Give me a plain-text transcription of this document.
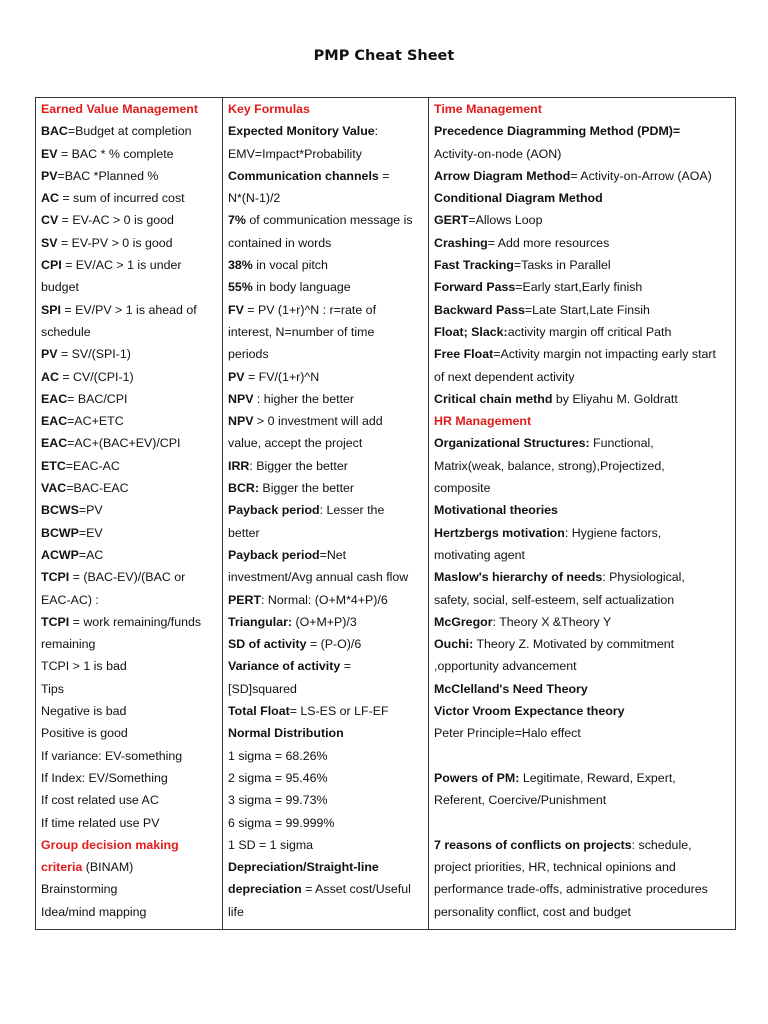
PMP Cheat Sheet
Earned Value Management
BAC=Budget at completion
EV = BAC * % complete
PV=BAC *Planned %
AC = sum of incurred cost
CV = EV-AC > 0 is good
SV = EV-PV > 0 is good
CPI = EV/AC > 1 is under
budget
SPI = EV/PV > 1 is ahead of
schedule
PV = SV/(SPI-1)
AC = CV/(CPI-1)
EAC= BAC/CPI
EAC=AC+ETC
EAC=AC+(BAC+EV)/CPI
ETC=EAC-AC
VAC=BAC-EAC
BCWS=PV
BCWP=EV
ACWP=AC
TCPI = (BAC-EV)/(BAC or
EAC-AC) :
TCPI = work remaining/funds
remaining
TCPI > 1 is bad
Tips
Negative is bad
Positive is good
If variance: EV-something
If Index: EV/Something
If cost related use AC
If time related use PV
Group decision making
criteria (BINAM)
Brainstorming
Idea/mind mapping

Key Formulas
Expected Monitory Value:
EMV=Impact*Probability
Communication channels =
N*(N-1)/2
7% of communication message is
contained in words
38% in vocal pitch
55% in body language
FV = PV (1+r)^N : r=rate of
interest, N=number of time
periods
PV = FV/(1+r)^N
NPV : higher the better
NPV > 0 investment will add
value, accept the project
IRR: Bigger the better
BCR: Bigger the better
Payback period: Lesser the
better
Payback period=Net
investment/Avg annual cash flow
PERT: Normal: (O+M*4+P)/6
Triangular: (O+M+P)/3
SD of activity = (P-O)/6
Variance of activity =
[SD]squared
Total Float= LS-ES or LF-EF
Normal Distribution
1 sigma = 68.26%
2 sigma = 95.46%
3 sigma = 99.73%
6 sigma = 99.999%
1 SD = 1 sigma
Depreciation/Straight-line
depreciation = Asset cost/Useful
life

Time Management
Precedence Diagramming Method (PDM)=
Activity-on-node (AON)
Arrow Diagram Method= Activity-on-Arrow (AOA)
Conditional Diagram Method
GERT=Allows Loop
Crashing= Add more resources
Fast Tracking=Tasks in Parallel
Forward Pass=Early start,Early finish
Backward Pass=Late Start,Late Finsih
Float; Slack:activity margin off critical Path
Free Float=Activity margin not impacting early start
of next dependent activity
Critical chain methd by Eliyahu M. Goldratt
HR Management
Organizational Structures: Functional,
Matrix(weak, balance, strong),Projectized,
composite
Motivational theories
Hertzbergs motivation: Hygiene factors,
motivating agent
Maslow's hierarchy of needs: Physiological,
safety, social, self-esteem, self actualization
McGregor: Theory X &Theory Y
Ouchi: Theory Z. Motivated by commitment
,opportunity advancement
McClelland's Need Theory
Victor Vroom Expectance theory
Peter Principle=Halo effect
Powers of PM: Legitimate, Reward, Expert,
Referent, Coercive/Punishment
7 reasons of conflicts on projects: schedule,
project priorities, HR, technical opinions and
performance trade-offs, administrative procedures
personality conflict, cost and budget
